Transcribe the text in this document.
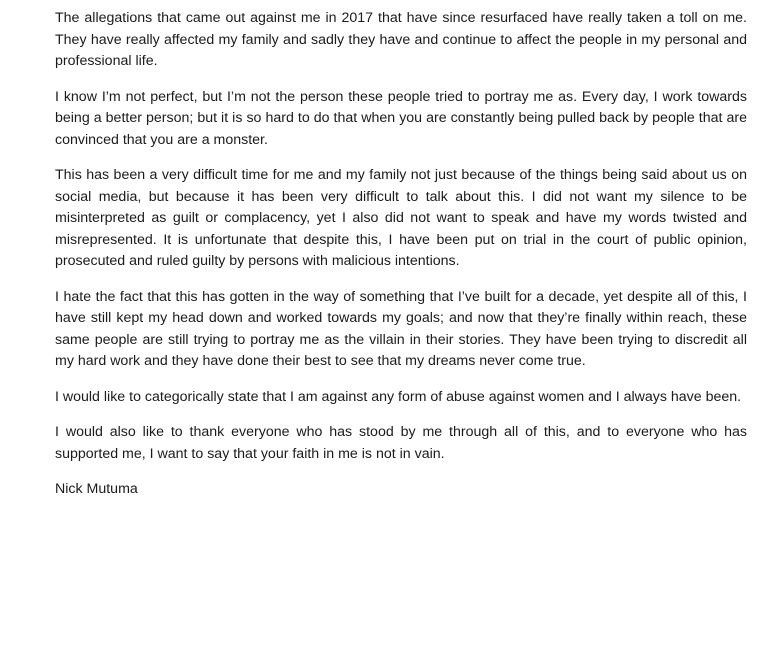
The allegations that came out against me in 2017 that have since resurfaced have really taken a toll on me. They have really affected my family and sadly they have and continue to affect the people in my personal and professional life.

I know I’m not perfect, but I’m not the person these people tried to portray me as. Every day, I work towards being a better person; but it is so hard to do that when you are constantly being pulled back by people that are convinced that you are a monster.

This has been a very difficult time for me and my family not just because of the things being said about us on social media, but because it has been very difficult to talk about this. I did not want my silence to be misinterpreted as guilt or complacency, yet I also did not want to speak and have my words twisted and misrepresented. It is unfortunate that despite this, I have been put on trial in the court of public opinion, prosecuted and ruled guilty by persons with malicious intentions.

I hate the fact that this has gotten in the way of something that I’ve built for a decade, yet despite all of this, I have still kept my head down and worked towards my goals; and now that they’re finally within reach, these same people are still trying to portray me as the villain in their stories. They have been trying to discredit all my hard work and they have done their best to see that my dreams never come true.

I would like to categorically state that I am against any form of abuse against women and I always have been.

I would also like to thank everyone who has stood by me through all of this, and to everyone who has supported me, I want to say that your faith in me is not in vain.

Nick Mutuma
